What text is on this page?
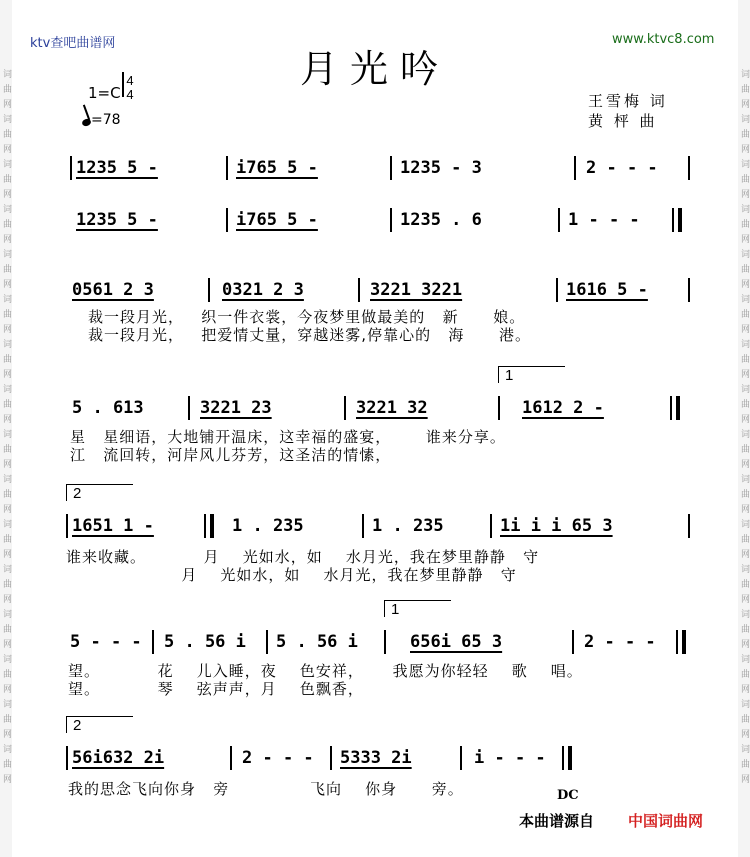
词曲网词曲网词曲网词曲网词曲网词曲网词曲网词曲网词曲网词曲网词曲网词曲网词曲网词曲网词曲网词曲网	词曲网词曲网词曲网词曲网词曲网词曲网词曲网词曲网词曲网词曲网词曲网词曲网词曲网词曲网词曲网词曲网
ktv查吧曲谱网	www.ktvc8.com
月光吟
1=C
4
4
=78
王雪梅 词
黄 枰 曲
1235 5 -	i765 5 -	1235 - 3	2 - - -
1235 5 -	i765 5 -	1235 . 6	1 - - -
0561 2 3	0321 2 3	3221 3221	1616 5 -
裁一段月光，   织一件衣裳，今夜梦里做最美的   新      娘。
裁一段月光，   把爱情丈量，穿越迷雾,停靠心的   海      港。
1
5 . 613	3221 23	3221 32	1612 2 -
星   星细语，大地铺开温床，这幸福的盛宴，      谁来分享。
江   流回转，河岸风儿芬芳，这圣洁的情愫，
2
1651 1 -	1 . 235	1 . 235	1i i i 65 3
谁来收藏。          月    光如水，如    水月光，我在梦里静静   守
月    光如水，如    水月光，我在梦里静静   守
1
5 - - - 5 . 56 i 5 . 56 i	656i 65 3	2 - - -
望。          花    儿入睡，夜    色安祥，     我愿为你轻轻    歌    唱。
望。          琴    弦声声，月    色飘香，
2
56i632 2i	2 - - - 5333 2i	i - - -
我的思念飞向你身   旁              飞向    你身      旁。	DC
本曲谱源自 中国词曲网
